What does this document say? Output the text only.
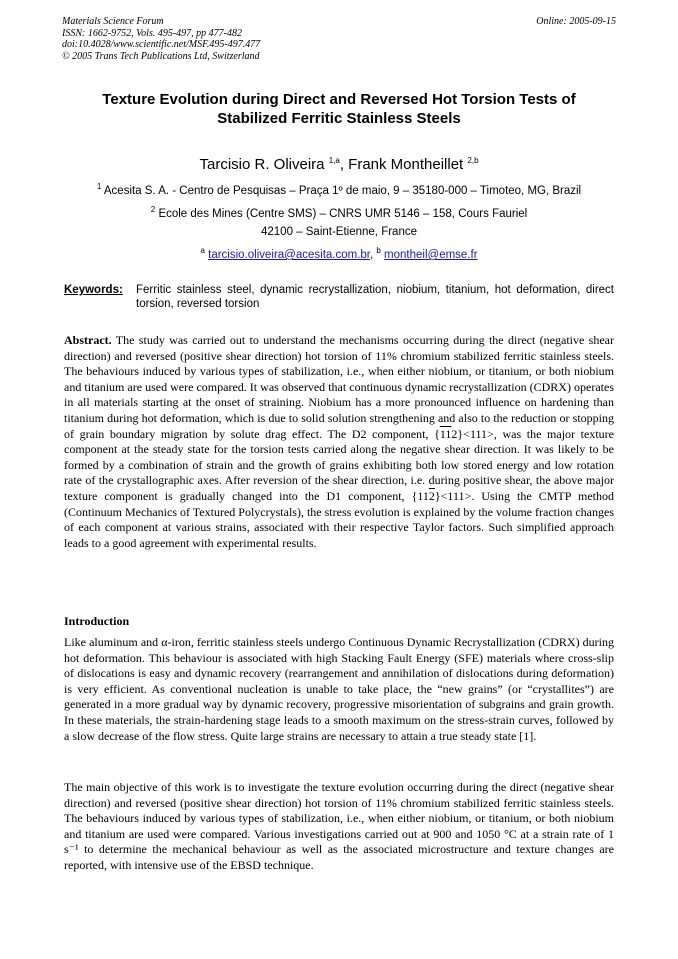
Materials Science Forum
ISSN: 1662-9752, Vols. 495-497, pp 477-482
doi:10.4028/www.scientific.net/MSF.495-497.477
© 2005 Trans Tech Publications Ltd, Switzerland
Online: 2005-09-15
Texture Evolution during Direct and Reversed Hot Torsion Tests of
Stabilized Ferritic Stainless Steels
Tarcisio R. Oliveira $^{1,a}$, Frank Montheillet $^{2,b}$
$^1$ Acesita S. A. - Centro de Pesquisas – Praça 1º de maio, 9 – 35180-000 – Timoteo, MG, Brazil
$^2$ Ecole des Mines (Centre SMS) – CNRS UMR 5146 – 158, Cours Fauriel
42100 – Saint-Etienne, France
$^a$ tarcisio.oliveira@acesita.com.br, $^b$ montheil@emse.fr
Keywords: Ferritic stainless steel, dynamic recrystallization, niobium, titanium, hot deformation, direct torsion, reversed torsion
Abstract. The study was carried out to understand the mechanisms occurring during the direct (negative shear direction) and reversed (positive shear direction) hot torsion of 11% chromium stabilized ferritic stainless steels. The behaviours induced by various types of stabilization, i.e., when either niobium, or titanium, or both niobium and titanium are used were compared. It was observed that continuous dynamic recrystallization (CDRX) operates in all materials starting at the onset of straining. Niobium has a more pronounced influence on hardening than titanium during hot deformation, which is due to solid solution strengthening and also to the reduction or stopping of grain boundary migration by solute drag effect. The D2 component, {112}<111>, was the major texture component at the steady state for the torsion tests carried along the negative shear direction. It was likely to be formed by a combination of strain and the growth of grains exhibiting both low stored energy and low rotation rate of the crystallographic axes. After reversion of the shear direction, i.e. during positive shear, the above major texture component is gradually changed into the D1 component, {112}<111>. Using the CMTP method (Continuum Mechanics of Textured Polycrystals), the stress evolution is explained by the volume fraction changes of each component at various strains, associated with their respective Taylor factors. Such simplified approach leads to a good agreement with experimental results.
Introduction
Like aluminum and α-iron, ferritic stainless steels undergo Continuous Dynamic Recrystallization (CDRX) during hot deformation. This behaviour is associated with high Stacking Fault Energy (SFE) materials where cross-slip of dislocations is easy and dynamic recovery (rearrangement and annihilation of dislocations during deformation) is very efficient. As conventional nucleation is unable to take place, the “new grains” (or “crystallites”) are generated in a more gradual way by dynamic recovery, progressive misorientation of subgrains and grain growth. In these materials, the strain-hardening stage leads to a smooth maximum on the stress-strain curves, followed by a slow decrease of the flow stress. Quite large strains are necessary to attain a true steady state [1].
The main objective of this work is to investigate the texture evolution occurring during the direct (negative shear direction) and reversed (positive shear direction) hot torsion of 11% chromium stabilized ferritic stainless steels. The behaviours induced by various types of stabilization, i.e., when either niobium, or titanium, or both niobium and titanium are used were compared. Various investigations carried out at 900 and 1050 °C at a strain rate of 1 s⁻¹ to determine the mechanical behaviour as well as the associated microstructure and texture changes are reported, with intensive use of the EBSD technique.
